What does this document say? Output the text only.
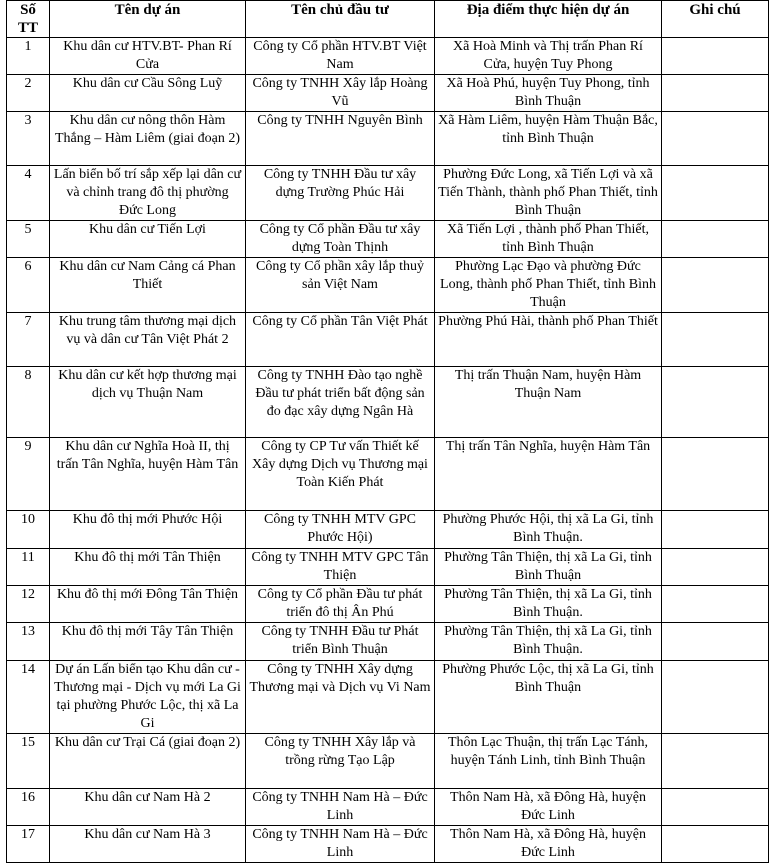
Số TT	Tên dự án	Tên chủ đầu tư	Địa điểm thực hiện dự án	Ghi chú
1	Khu dân cư HTV.BT- Phan Rí Cửa	Công ty Cổ phần HTV.BT Việt Nam	Xã Hoà Minh và Thị trấn Phan Rí Cửa, huyện Tuy Phong	
2	Khu dân cư Cầu Sông Luỹ	Công ty TNHH Xây lắp Hoàng Vũ	Xã Hoà Phú, huyện Tuy Phong, tỉnh Bình Thuận	
3	Khu dân cư nông thôn Hàm Thắng – Hàm Liêm (giai đoạn 2)	Công ty TNHH Nguyên Bình	Xã Hàm Liêm, huyện Hàm Thuận Bắc, tỉnh Bình Thuận	
4	Lấn biển bố trí sắp xếp lại dân cư và chỉnh trang đô thị phường Đức Long	Công ty TNHH Đầu tư xây dựng Trường Phúc Hải	Phường Đức Long, xã Tiến Lợi và xã Tiến Thành, thành phố Phan Thiết, tỉnh Bình Thuận	
5	Khu dân cư Tiến Lợi	Công ty Cổ phần Đầu tư xây dựng Toàn Thịnh	Xã Tiến Lợi , thành phố Phan Thiết, tỉnh Bình Thuận	
6	Khu dân cư Nam Cảng cá Phan Thiết	Công ty Cổ phần xây lắp thuỷ sản Việt Nam	Phường Lạc Đạo và phường Đức Long, thành phố Phan Thiết, tỉnh Bình Thuận	
7	Khu trung tâm thương mại dịch vụ và dân cư Tân Việt Phát 2	Công ty Cổ phần Tân Việt Phát	Phường Phú Hài, thành phố Phan Thiết	
8	Khu dân cư kết hợp thương mại dịch vụ Thuận Nam	Công ty TNHH Đào tạo nghề Đầu tư phát triển bất động sản đo đạc xây dựng Ngân Hà	Thị trấn Thuận Nam, huyện Hàm Thuận Nam	
9	Khu dân cư Nghĩa Hoà II, thị trấn Tân Nghĩa, huyện Hàm Tân	Công ty CP Tư vấn Thiết kế Xây dựng Dịch vụ Thương mại Toàn Kiến Phát	Thị trấn Tân Nghĩa, huyện Hàm Tân	
10	Khu đô thị mới Phước Hội	Công ty TNHH MTV GPC Phước Hội)	Phường Phước Hội, thị xã La Gi, tỉnh Bình Thuận.	
11	Khu đô thị mới Tân Thiện	Công ty TNHH MTV GPC Tân Thiện	Phường Tân Thiện, thị xã La Gi, tỉnh Bình Thuận	
12	Khu đô thị mới Đông Tân Thiện	Công ty Cổ phần Đầu tư phát triển đô thị Ân Phú	Phường Tân Thiện, thị xã La Gi, tỉnh Bình Thuận.	
13	Khu đô thị mới Tây Tân Thiện	Công ty TNHH Đầu tư Phát triển Bình Thuận	Phường Tân Thiện, thị xã La Gi, tỉnh Bình Thuận.	
14	Dự án Lấn biển tạo Khu dân cư - Thương mại - Dịch vụ mới La Gi tại phường Phước Lộc, thị xã La Gi	Công ty TNHH Xây dựng Thương mại và Dịch vụ Vi Nam	Phường Phước Lộc, thị xã La Gi, tỉnh Bình Thuận	
15	Khu dân cư Trại Cá (giai đoạn 2)	Công ty TNHH Xây lắp và trồng rừng Tạo Lập	Thôn Lạc Thuận, thị trấn Lạc Tánh, huyện Tánh Linh, tỉnh Bình Thuận	
16	Khu dân cư Nam Hà 2	Công ty TNHH Nam Hà – Đức Linh	Thôn Nam Hà, xã Đông Hà, huyện Đức Linh	
17	Khu dân cư Nam Hà 3	Công ty TNHH Nam Hà – Đức Linh	Thôn Nam Hà, xã Đông Hà, huyện Đức Linh	
